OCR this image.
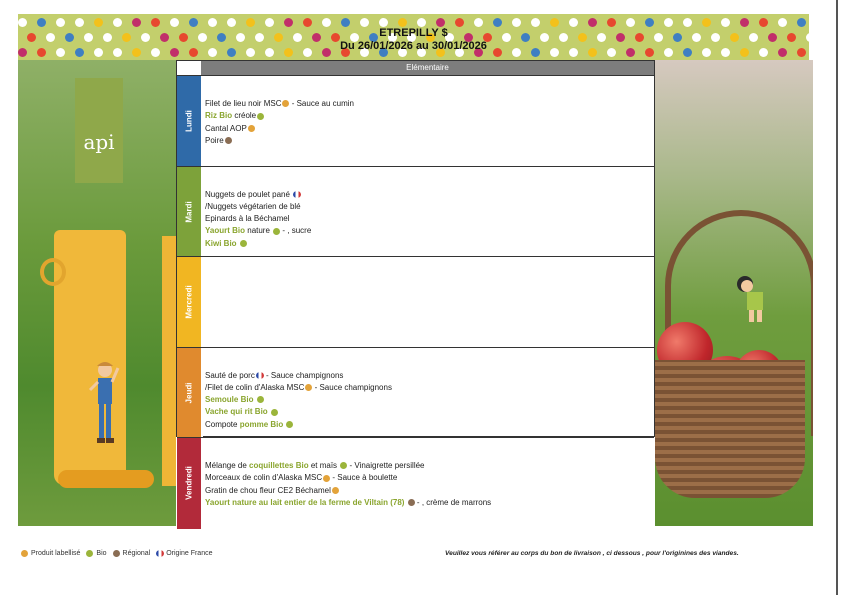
ETREPILLY $
Du 26/01/2026 au 30/01/2026
api
Elémentaire
Lundi
Filet de lieu noir MSC - Sauce au cumin
Riz Bio créole
Cantal AOP
Poire
Mardi
Nuggets de poulet pané
/Nuggets végétarien de blé
Epinards à la Béchamel
Yaourt Bio nature  - , sucre
Kiwi Bio
Mercredi
Jeudi
Sauté de porc - Sauce champignons
/Filet de colin d'Alaska MSC - Sauce champignons
Semoule Bio
Vache qui rit Bio
Compote pomme Bio
Vendredi
Mélange de coquillettes Bio et maïs  - Vinaigrette persillée
Morceaux de colin d'Alaska MSC - Sauce à boulette
Gratin de chou fleur CE2 Béchamel
Yaourt nature au lait entier de la ferme de Viltain (78)  - , crème de marrons
Produit labellisé Bio Régional Origine France	Veuillez vous référer au corps du bon de livraison , ci dessous , pour l'originines des viandes.
